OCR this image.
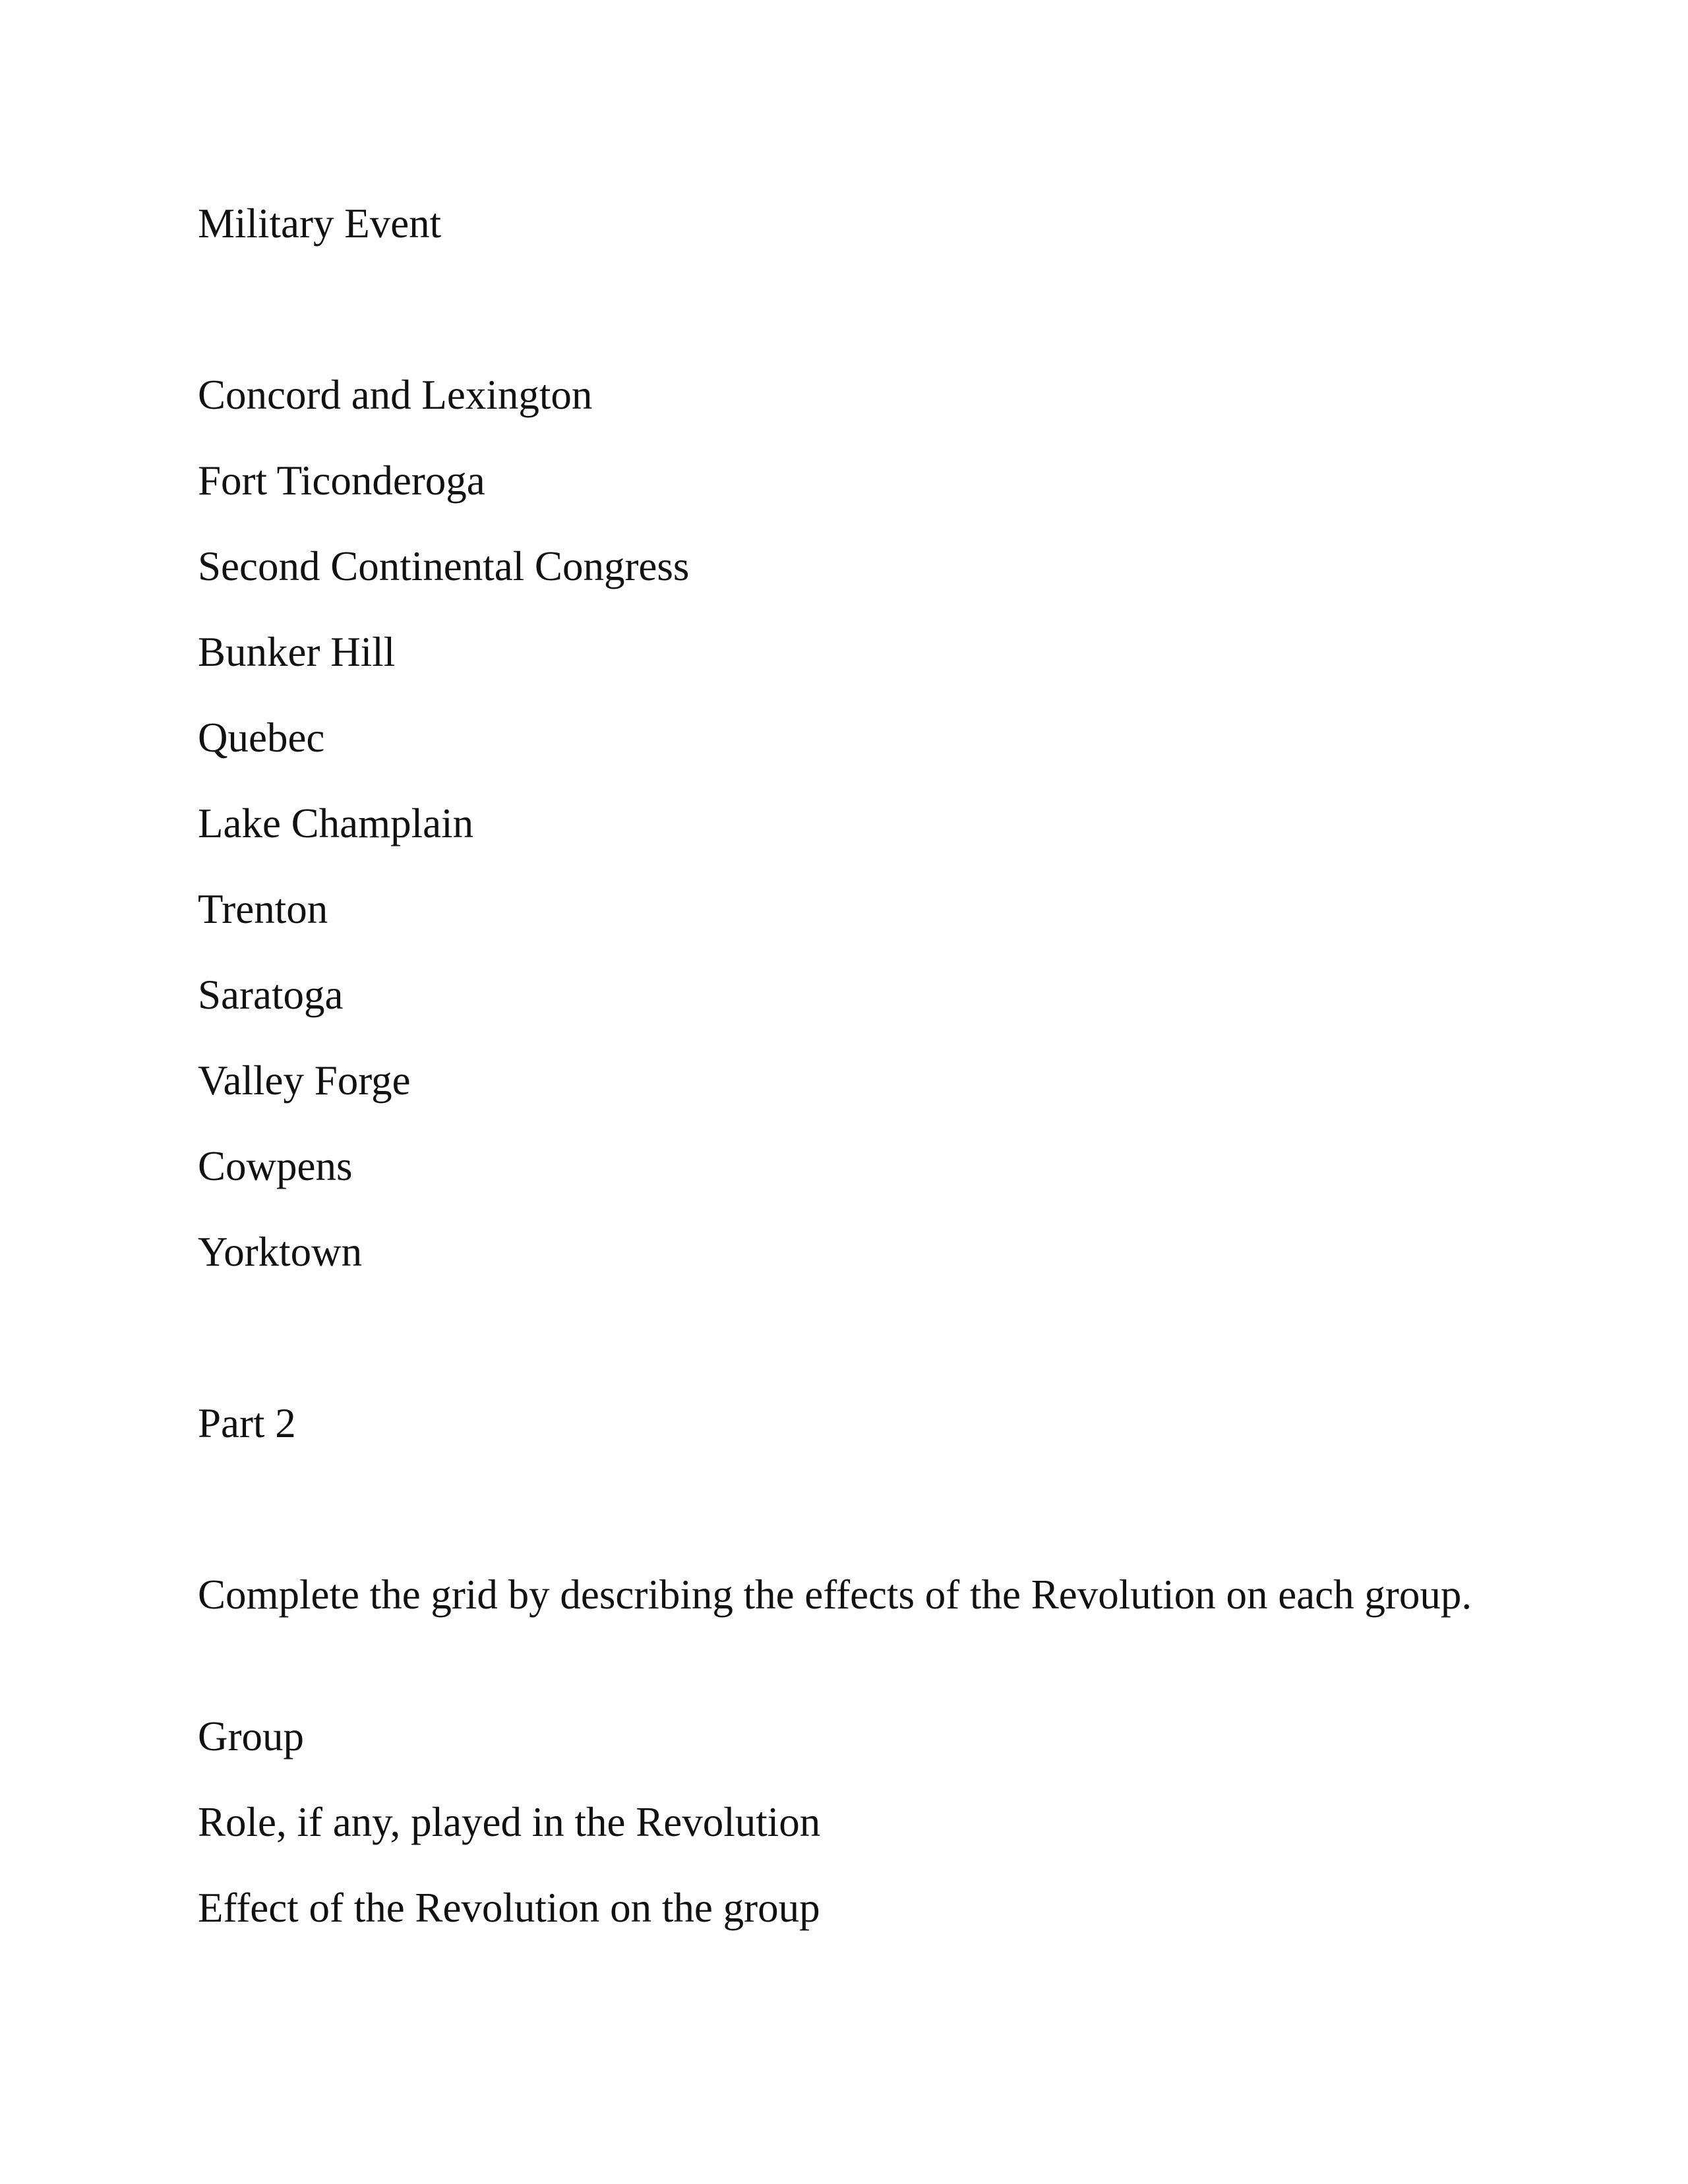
Military Event
Concord and Lexington
Fort Ticonderoga
Second Continental Congress
Bunker Hill
Quebec
Lake Champlain
Trenton
Saratoga
Valley Forge
Cowpens
Yorktown
Part 2

Complete the grid by describing the effects of the Revolution on each group.

Group
Role, if any, played in the Revolution
Effect of the Revolution on the group
